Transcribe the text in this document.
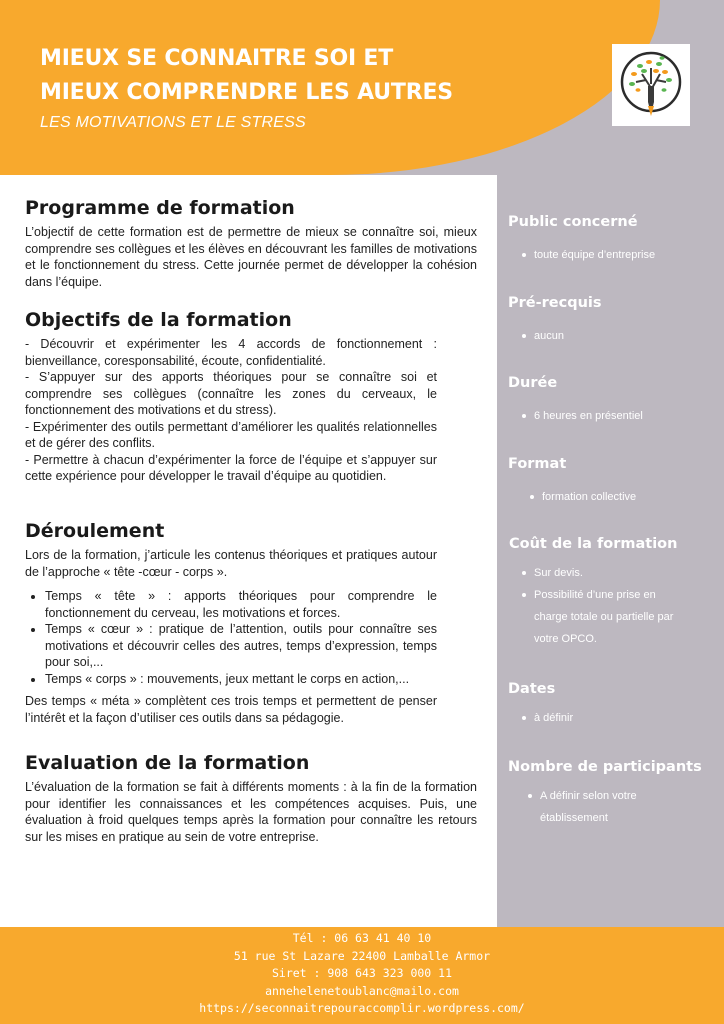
MIEUX SE CONNAITRE SOI ET
MIEUX COMPRENDRE LES AUTRES
LES MOTIVATIONS ET LE STRESS
Public concerné
toute équipe d’entreprise
Pré-recquis
aucun
Durée
6 heures en présentiel
Format
formation collective
Coût de la formation
Sur devis.
Possibilité d’une prise en charge totale ou partielle par votre OPCO.
Dates
à définir
Nombre de participants
A définir selon votre établissement
Programme de formation

L’objectif de cette formation est de permettre de mieux se connaître soi, mieux comprendre ses collègues et les élèves en découvrant les familles de motivations et le fonctionnement du stress. Cette journée permet de développer la cohésion dans l’équipe.

Objectifs de la formation

- Découvrir et expérimenter les 4 accords de fonctionnement : bienveillance, coresponsabilité, écoute, confidentialité.

- S’appuyer sur des apports théoriques pour se connaître soi et comprendre ses collègues (connaître les zones du cerveaux, le fonctionnement des motivations et du stress).

- Expérimenter des outils permettant d’améliorer les qualités relationnelles et de gérer des conflits.

- Permettre à chacun d’expérimenter la force de l’équipe et s’appuyer sur cette expérience pour développer le travail d’équipe au quotidien.

Déroulement

Lors de la formation, j’articule les contenus théoriques et pratiques autour de l’approche « tête -cœur - corps ».

• Temps « tête » : apports théoriques pour comprendre le fonctionnement du cerveau, les motivations et forces.
• Temps « cœur » : pratique de l’attention, outils pour connaître ses motivations et découvrir celles des autres, temps d’expression, temps pour soi,...
• Temps « corps » : mouvements, jeux mettant le corps en action,...

Des temps « méta » complètent ces trois temps et permettent de penser l’intérêt et la façon d’utiliser ces outils dans sa pédagogie.

Evaluation de la formation

L’évaluation de la formation se fait à différents moments : à la fin de la formation pour identifier les connaissances et les compétences acquises. Puis, une évaluation à froid quelques temps après la formation pour connaître les retours sur les mises en pratique au sein de votre entreprise.

Tél : 06 63 41 40 10
51 rue St Lazare 22400 Lamballe Armor
Siret : 908 643 323 000 11
annehelenetoublanc@mailo.com
https://seconnaitrepouraccomplir.wordpress.com/
